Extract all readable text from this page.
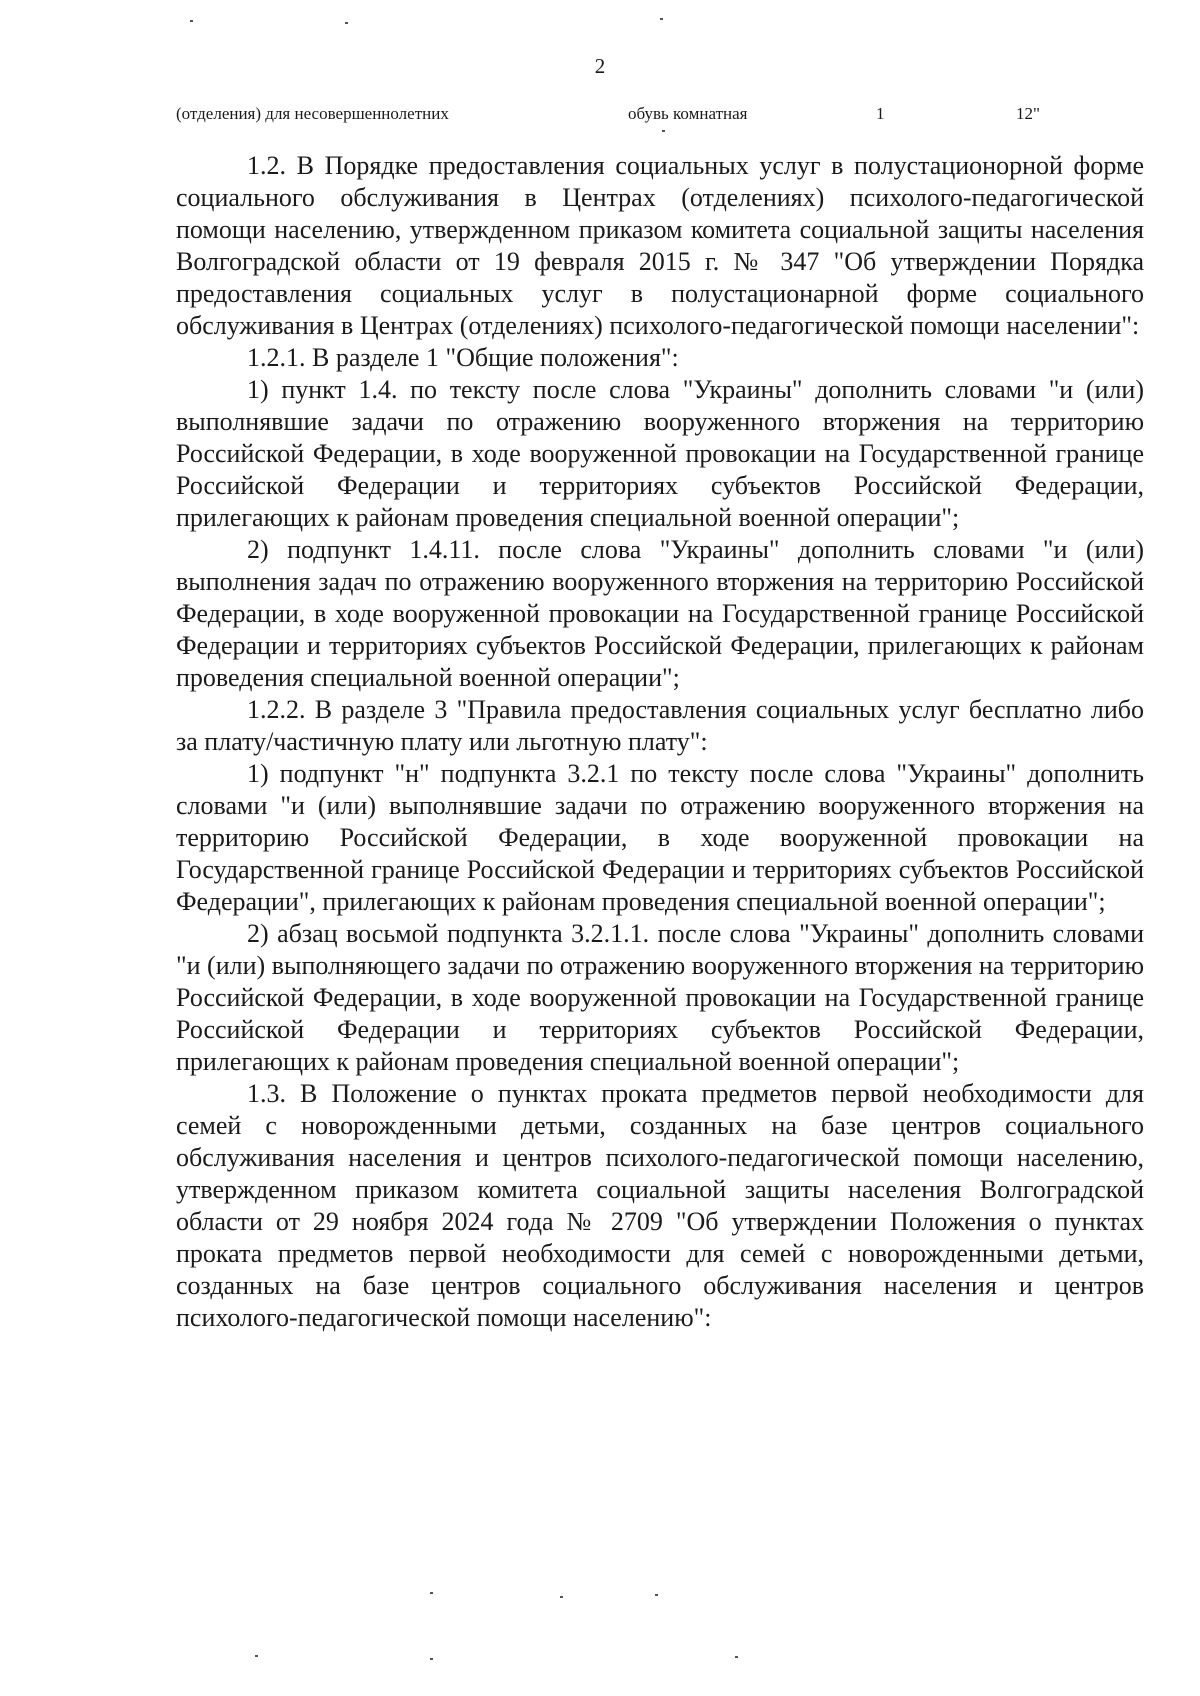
2
(отделения) для несовершеннолетних	обувь комнатная	1	12"

1.2. В Порядке предоставления социальных услуг в полустационорной форме социального обслуживания в Центрах (отделениях) психолого-педагогической помощи населению, утвержденном приказом комитета социальной защиты населения Волгоградской области от 19 февраля 2015 г. № 347 "Об утверждении Порядка предоставления социальных услуг в полустационарной форме социального обслуживания в Центрах (отделениях) психолого-педагогической помощи населении":

1.2.1. В разделе 1 "Общие положения":

1) пункт 1.4. по тексту после слова "Украины" дополнить словами "и (или) выполнявшие задачи по отражению вооруженного вторжения на территорию Российской Федерации, в ходе вооруженной провокации на Государственной границе Российской Федерации и территориях субъектов Российской Федерации, прилегающих к районам проведения специальной военной операции";

2) подпункт 1.4.11. после слова "Украины" дополнить словами "и (или) выполнения задач по отражению вооруженного вторжения на территорию Российской Федерации, в ходе вооруженной провокации на Государственной границе Российской Федерации и территориях субъектов Российской Федерации, прилегающих к районам проведения специальной военной операции";

1.2.2. В разделе 3 "Правила предоставления социальных услуг бесплатно либо за плату/частичную плату или льготную плату":

1) подпункт "н" подпункта 3.2.1 по тексту после слова "Украины" дополнить словами "и (или) выполнявшие задачи по отражению вооруженного вторжения на территорию Российской Федерации, в ходе вооруженной провокации на Государственной границе Российской Федерации и территориях субъектов Российской Федерации", прилегающих к районам проведения специальной военной операции";

2) абзац восьмой подпункта 3.2.1.1. после слова "Украины" дополнить словами "и (или) выполняющего задачи по отражению вооруженного вторжения на территорию Российской Федерации, в ходе вооруженной провокации на Государственной границе Российской Федерации и территориях субъектов Российской Федерации, прилегающих к районам проведения специальной военной операции";

1.3. В Положение о пунктах проката предметов первой необходимости для семей с новорожденными детьми, созданных на базе центров социального обслуживания населения и центров психолого-педагогической помощи населению, утвержденном приказом комитета социальной защиты населения Волгоградской области от 29 ноября 2024 года № 2709 "Об утверждении Положения о пунктах проката предметов первой необходимости для семей с новорожденными детьми, созданных на базе центров социального обслуживания населения и центров психолого-педагогической помощи населению":
